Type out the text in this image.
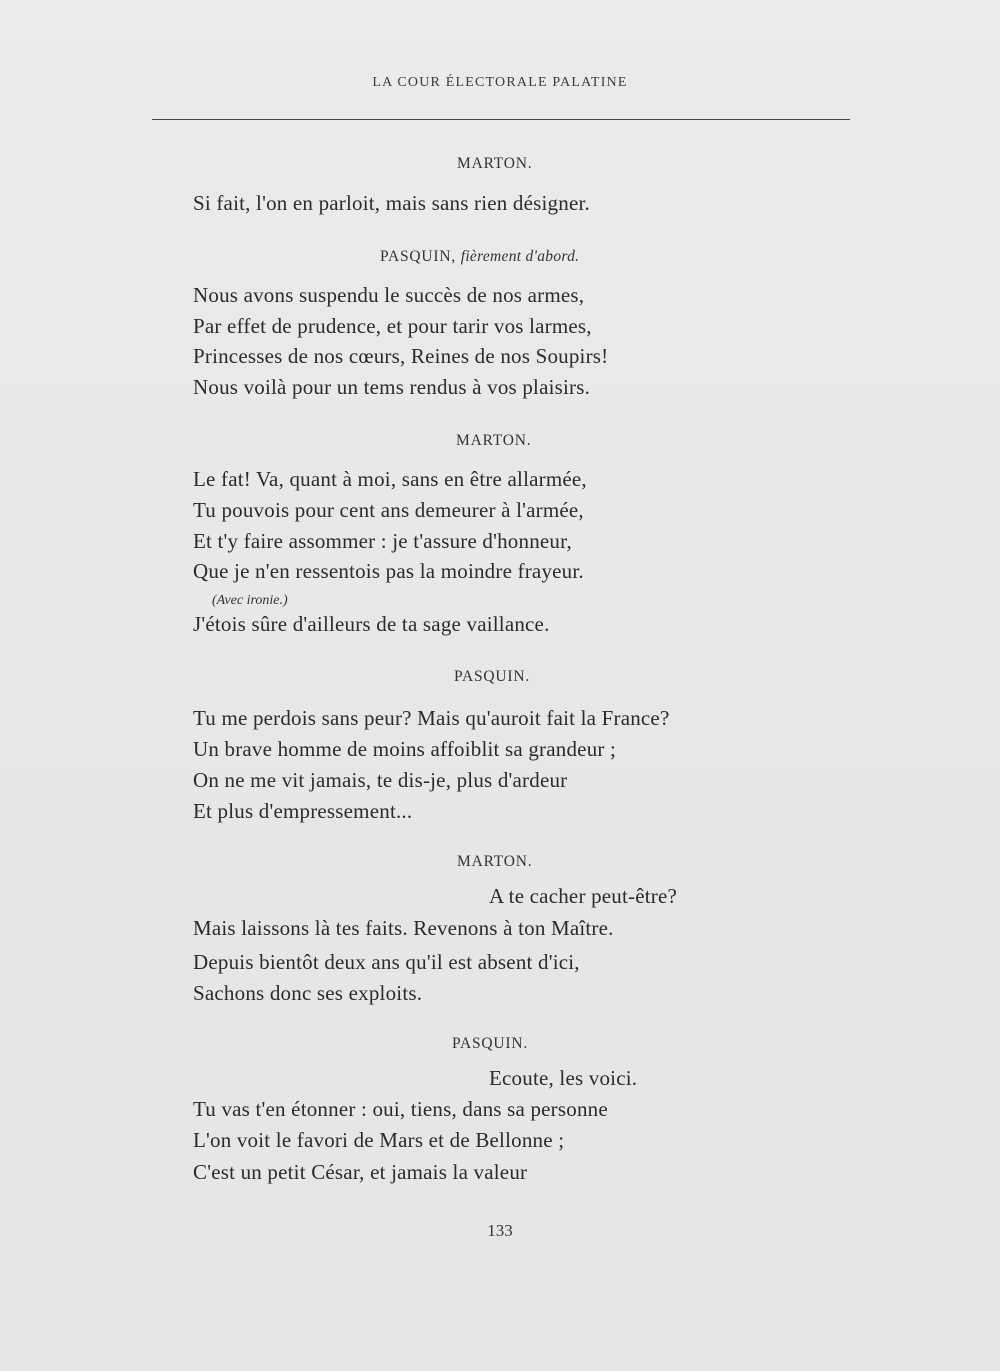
LA COUR ÉLECTORALE PALATINE
MARTON.
Si fait, l'on en parloit, mais sans rien désigner.
PASQUIN, fièrement d'abord.
Nous avons suspendu le succès de nos armes,
Par effet de prudence, et pour tarir vos larmes,
Princesses de nos cœurs, Reines de nos Soupirs!
Nous voilà pour un tems rendus à vos plaisirs.
MARTON.
Le fat! Va, quant à moi, sans en être allarmée,
Tu pouvois pour cent ans demeurer à l'armée,
Et t'y faire assommer : je t'assure d'honneur,
Que je n'en ressentois pas la moindre frayeur.
(Avec ironie.)
J'étois sûre d'ailleurs de ta sage vaillance.
PASQUIN.
Tu me perdois sans peur? Mais qu'auroit fait la France?
Un brave homme de moins affoiblit sa grandeur ;
On ne me vit jamais, te dis-je, plus d'ardeur
Et plus d'empressement...
MARTON.
A te cacher peut-être?
Mais laissons là tes faits. Revenons à ton Maître.
Depuis bientôt deux ans qu'il est absent d'ici,
Sachons donc ses exploits.
PASQUIN.
Ecoute, les voici.
Tu vas t'en étonner : oui, tiens, dans sa personne
L'on voit le favori de Mars et de Bellonne ;
C'est un petit César, et jamais la valeur
133
